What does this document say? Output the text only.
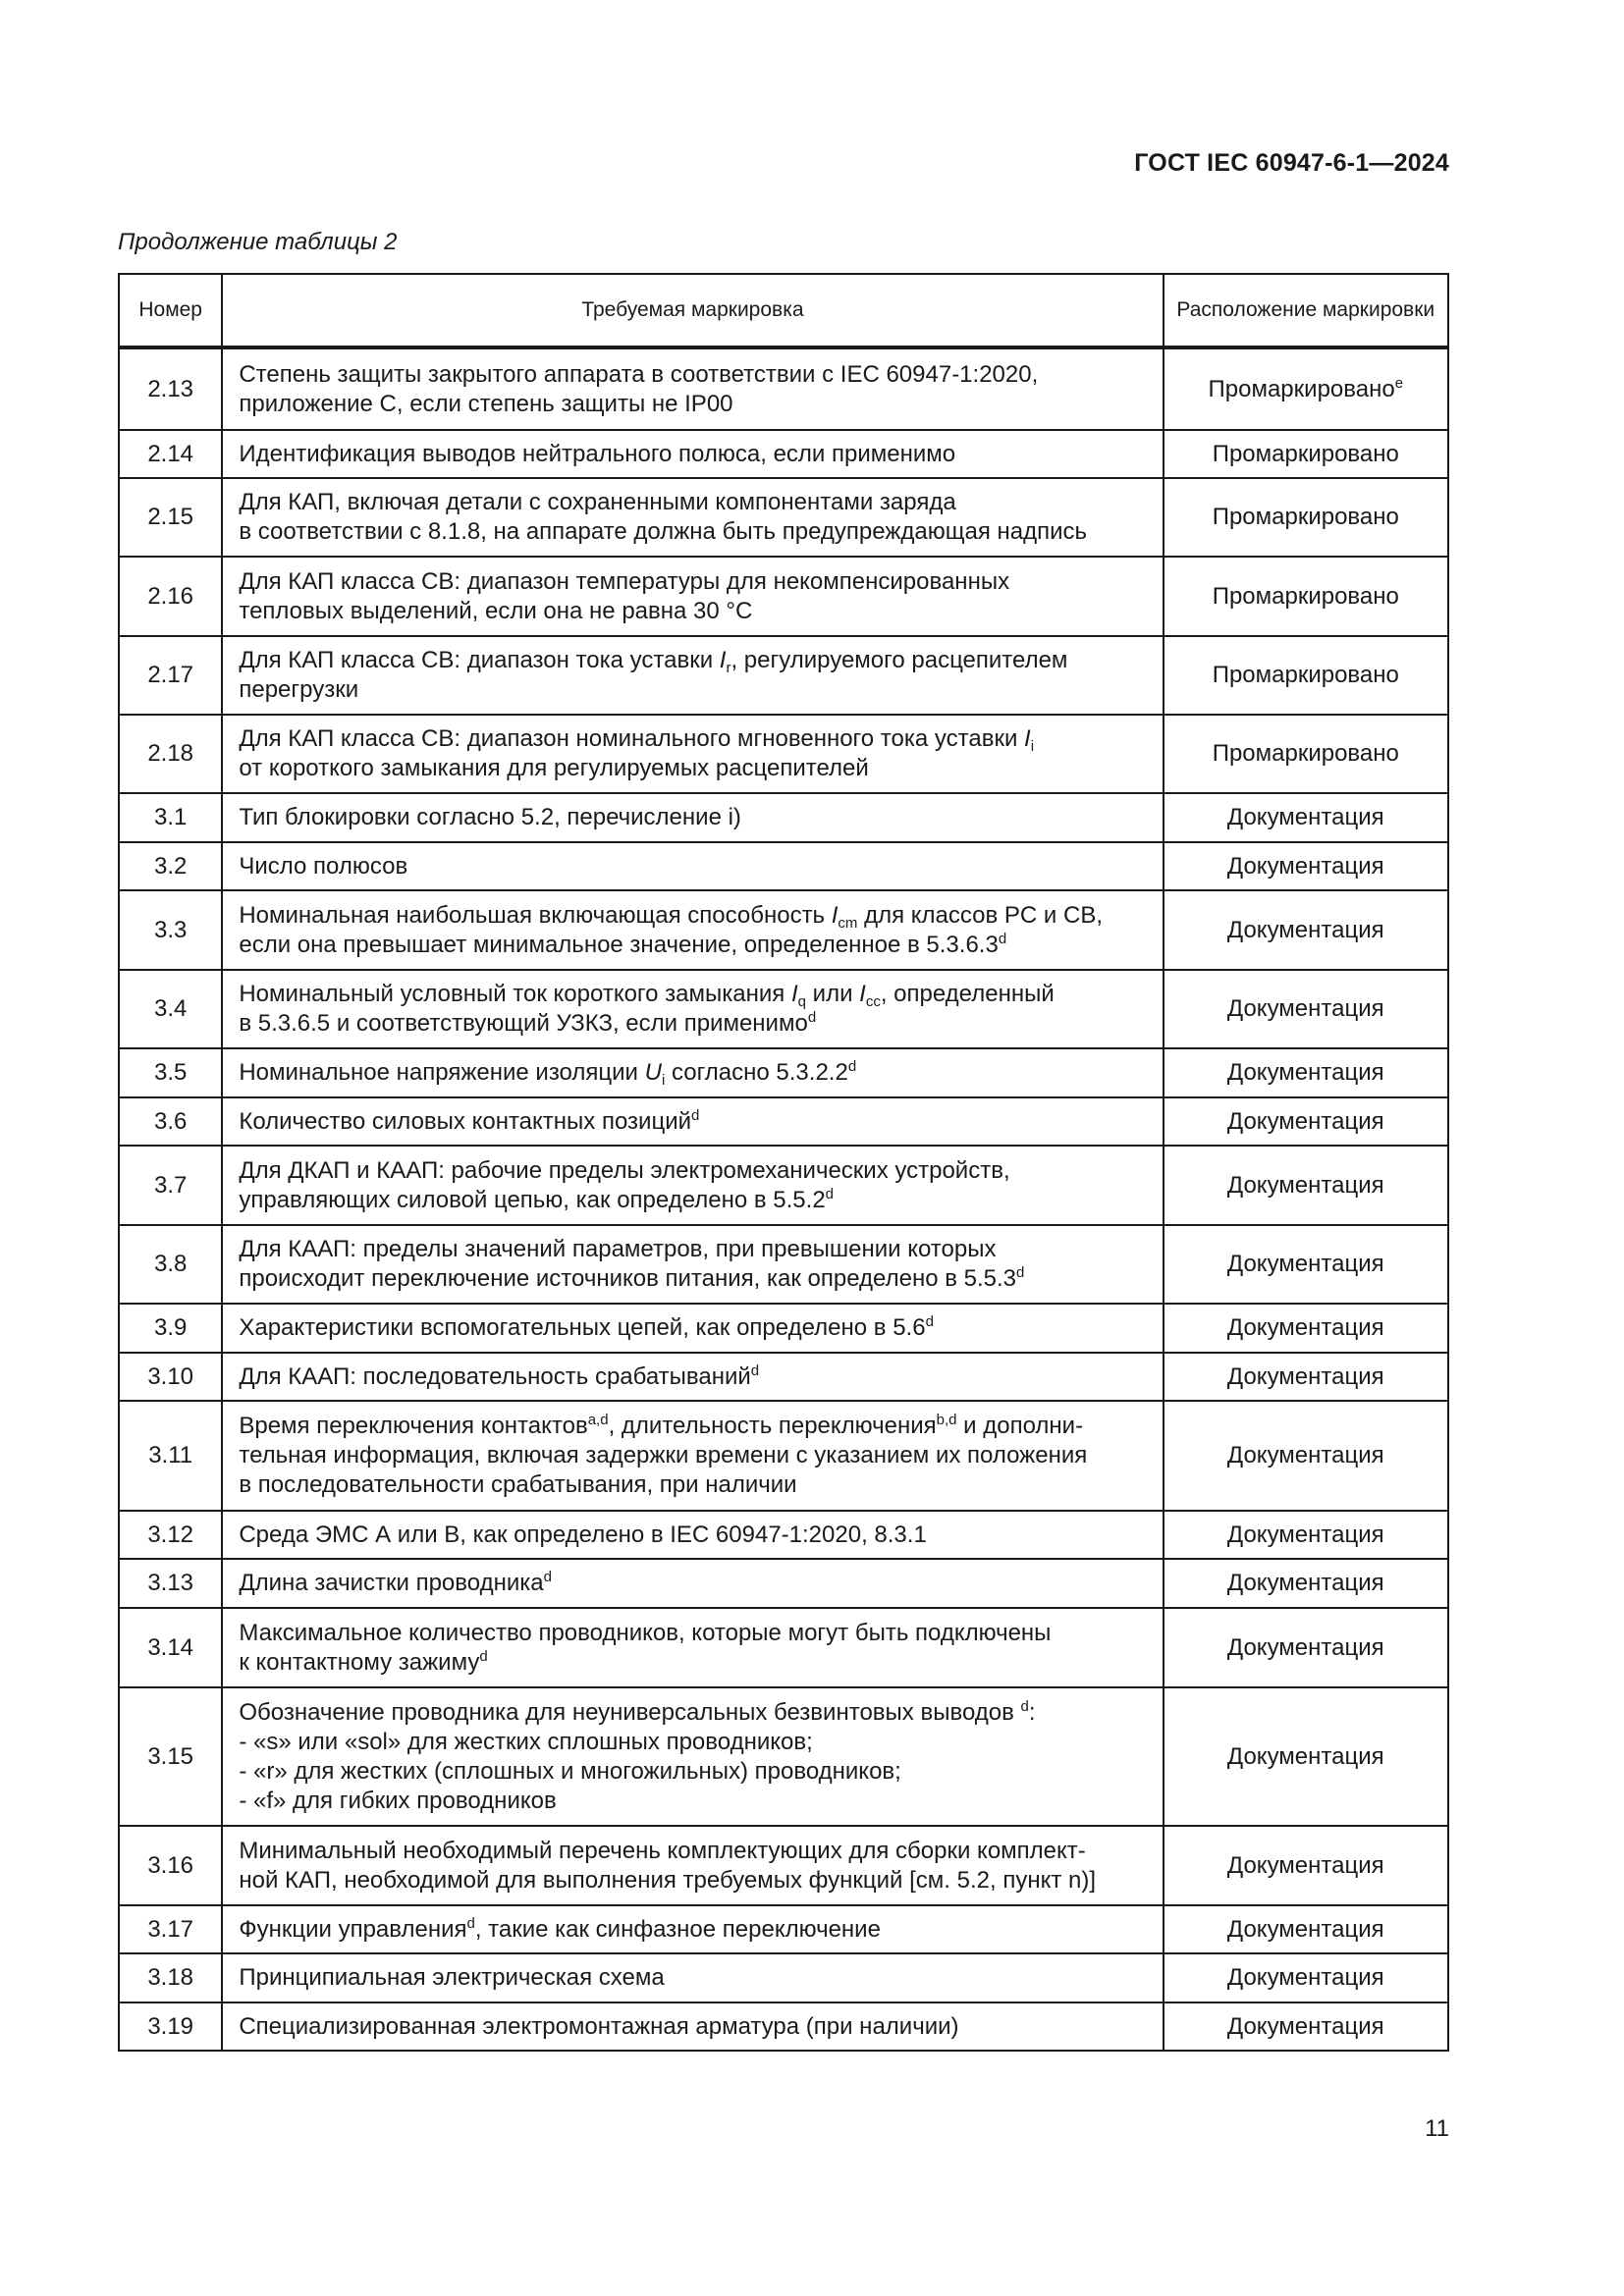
ГОСТ IEC 60947-6-1—2024
Продолжение таблицы 2
Номер	Требуемая маркировка	Расположение маркировки
2.13	Степень защиты закрытого аппарата в соответствии с IEC 60947-1:2020,
приложение С, если степень защиты не IP00	Промаркировано$^e$
2.14	Идентификация выводов нейтрального полюса, если применимо	Промаркировано
2.15	Для КАП, включая детали с сохраненными компонентами заряда
в соответствии с 8.1.8, на аппарате должна быть предупреждающая надпись	Промаркировано
2.16	Для КАП класса СВ: диапазон температуры для некомпенсированных
тепловых выделений, если она не равна 30 °С	Промаркировано
2.17	Для КАП класса СВ: диапазон тока уставки $I_r$, регулируемого расцепителем
перегрузки	Промаркировано
2.18	Для КАП класса СВ: диапазон номинального мгновенного тока уставки $I_i$
от короткого замыкания для регулируемых расцепителей	Промаркировано
3.1	Тип блокировки согласно 5.2, перечисление i)	Документация
3.2	Число полюсов	Документация
3.3	Номинальная наибольшая включающая способность $I_{cm}$ для классов PC и CB,
если она превышает минимальное значение, определенное в 5.3.6.3$^d$	Документация
3.4	Номинальный условный ток короткого замыкания $I_q$ или $I_{cc}$, определенный
в 5.3.6.5 и соответствующий УЗКЗ, если применимо$^d$	Документация
3.5	Номинальное напряжение изоляции $U_i$ согласно 5.3.2.2$^d$	Документация
3.6	Количество силовых контактных позиций$^d$	Документация
3.7	Для ДКАП и КААП: рабочие пределы электромеханических устройств,
управляющих силовой цепью, как определено в 5.5.2$^d$	Документация
3.8	Для КААП: пределы значений параметров, при превышении которых
происходит переключение источников питания, как определено в 5.5.3$^d$	Документация
3.9	Характеристики вспомогательных цепей, как определено в 5.6$^d$	Документация
3.10	Для КААП: последовательность срабатываний$^d$	Документация
3.11	Время переключения контактов$^{a,d}$, длительность переключения$^{b,d}$ и дополни-
тельная информация, включая задержки времени с указанием их положения
в последовательности срабатывания, при наличии	Документация
3.12	Среда ЭМС А или В, как определено в IEC 60947-1:2020, 8.3.1	Документация
3.13	Длина зачистки проводника$^d$	Документация
3.14	Максимальное количество проводников, которые могут быть подключены
к контактному зажиму$^d$	Документация
3.15	Обозначение проводника для неуниверсальных безвинтовых выводов $^d$:
- «s» или «sol» для жестких сплошных проводников;
- «r» для жестких (сплошных и многожильных) проводников;
- «f» для гибких проводников	Документация
3.16	Минимальный необходимый перечень комплектующих для сборки комплект-
ной КАП, необходимой для выполнения требуемых функций [см. 5.2, пункт n)]	Документация
3.17	Функции управления$^d$, такие как синфазное переключение	Документация
3.18	Принципиальная электрическая схема	Документация
3.19	Специализированная электромонтажная арматура (при наличии)	Документация
11
